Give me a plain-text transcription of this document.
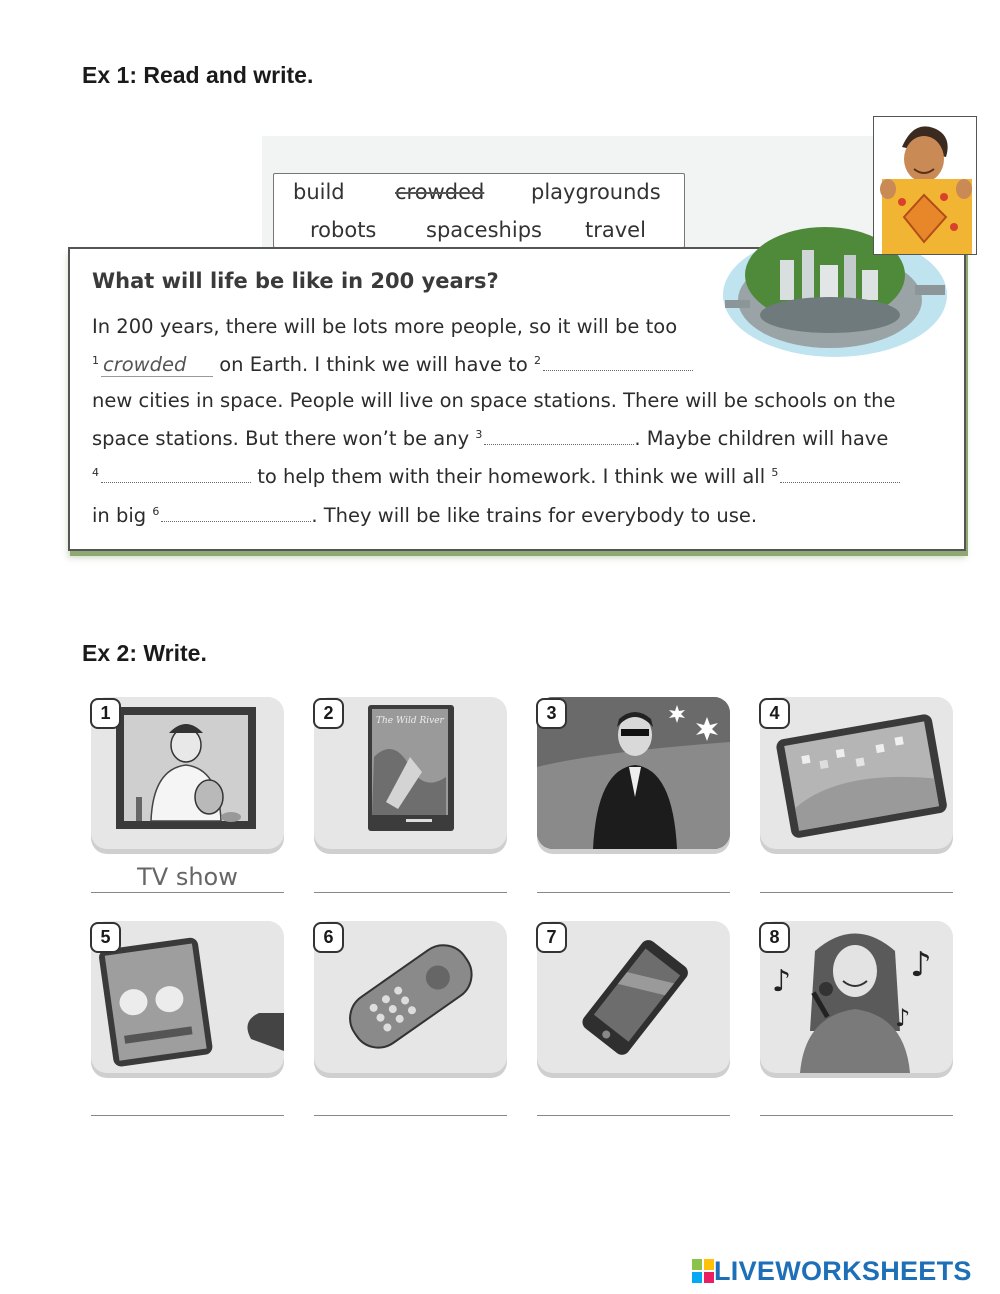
Ex 1: Read and write.
build crowded playgrounds
robots spaceships travel
What will life be like in 200 years?
In 200 years, there will be lots more people, so it will be too
$^1$ crowded on Earth. I think we will have to $^2$
new cities in space. People will live on space stations. There will be schools on the
space stations. But there won’t be any $^3$	. Maybe children will have
$^4$	to help them with their homework. I think we will all $^5$
in big $^6$	. They will be like trains for everybody to use.
Ex 2: Write.
1	The Wild River
2	3	4
TV show
5	6	7
♪	♪
♪
8
LIVEWORKSHEETS
